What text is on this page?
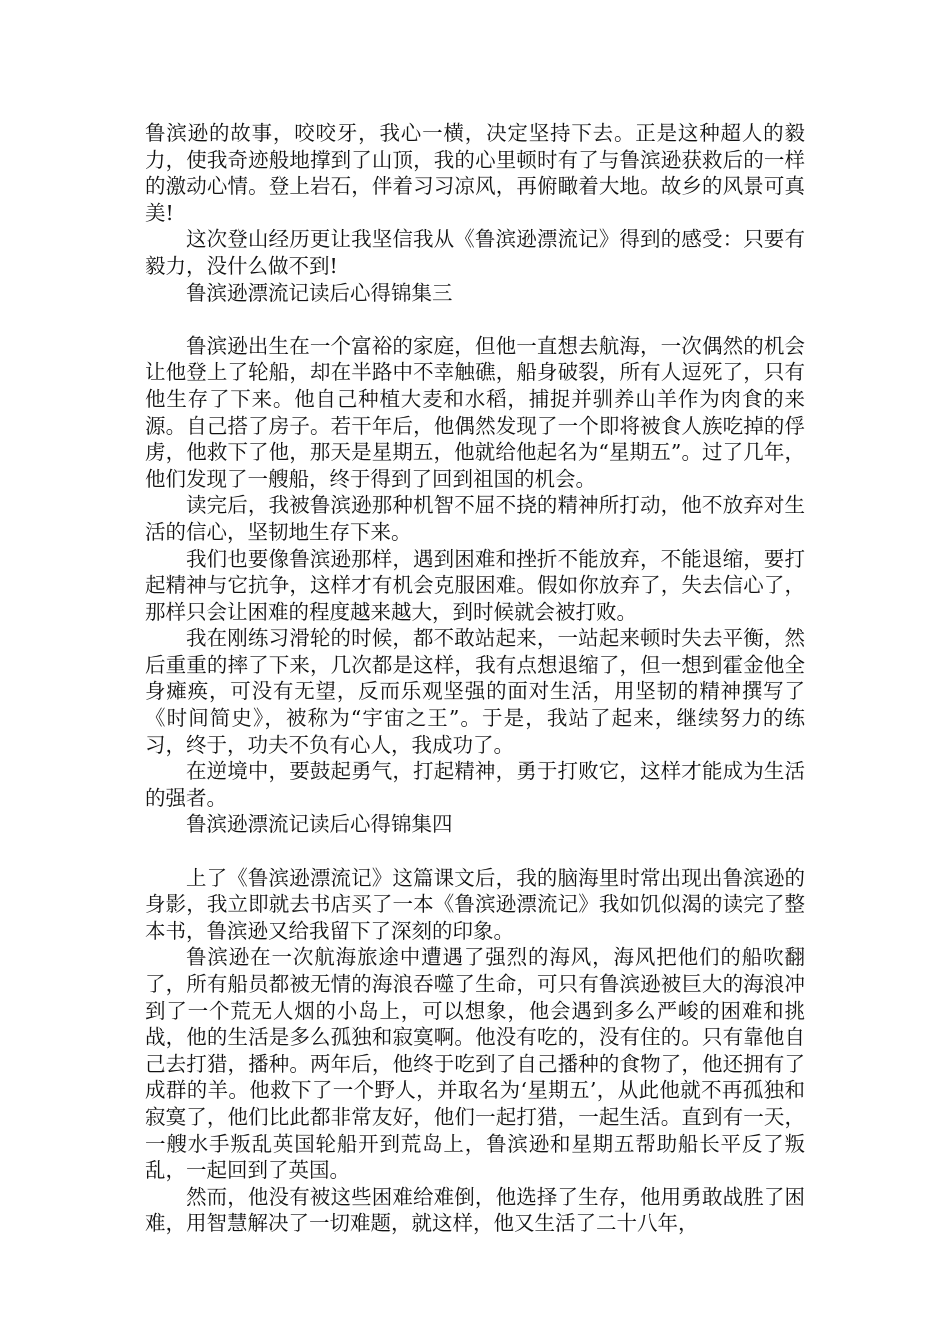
鲁滨逊的故事，咬咬牙，我心一横，决定坚持下去。正是这种超人的毅力，使我奇迹般地撑到了山顶，我的心里顿时有了与鲁滨逊获救后的一样的激动心情。登上岩石，伴着习习凉风，再俯瞰着大地。故乡的风景可真美!

这次登山经历更让我坚信我从《鲁滨逊漂流记》得到的感受：只要有毅力，没什么做不到!

鲁滨逊漂流记读后心得锦集三

鲁滨逊出生在一个富裕的家庭，但他一直想去航海，一次偶然的机会让他登上了轮船，却在半路中不幸触礁，船身破裂，所有人逗死了，只有他生存了下来。他自己种植大麦和水稻，捕捉并驯养山羊作为肉食的来源。自己搭了房子。若干年后，他偶然发现了一个即将被食人族吃掉的俘虏，他救下了他，那天是星期五，他就给他起名为“星期五”。过了几年，他们发现了一艘船，终于得到了回到祖国的机会。

读完后，我被鲁滨逊那种机智不屈不挠的精神所打动，他不放弃对生活的信心，坚韧地生存下来。

我们也要像鲁滨逊那样，遇到困难和挫折不能放弃，不能退缩，要打起精神与它抗争，这样才有机会克服困难。假如你放弃了，失去信心了，那样只会让困难的程度越来越大，到时候就会被打败。

我在刚练习滑轮的时候，都不敢站起来，一站起来顿时失去平衡，然后重重的摔了下来，几次都是这样，我有点想退缩了，但一想到霍金他全身瘫痪，可没有无望，反而乐观坚强的面对生活，用坚韧的精神撰写了《时间简史》，被称为“宇宙之王”。于是，我站了起来，继续努力的练习，终于，功夫不负有心人，我成功了。

在逆境中，要鼓起勇气，打起精神，勇于打败它，这样才能成为生活的强者。

鲁滨逊漂流记读后心得锦集四

上了《鲁滨逊漂流记》这篇课文后，我的脑海里时常出现出鲁滨逊的身影，我立即就去书店买了一本《鲁滨逊漂流记》我如饥似渴的读完了整本书，鲁滨逊又给我留下了深刻的印象。

鲁滨逊在一次航海旅途中遭遇了强烈的海风，海风把他们的船吹翻了，所有船员都被无情的海浪吞噬了生命，可只有鲁滨逊被巨大的海浪冲到了一个荒无人烟的小岛上，可以想象，他会遇到多么严峻的困难和挑战，他的生活是多么孤独和寂寞啊。他没有吃的，没有住的。只有靠他自己去打猎，播种。两年后，他终于吃到了自己播种的食物了，他还拥有了成群的羊。他救下了一个野人，并取名为‘星期五’，从此他就不再孤独和寂寞了，他们比此都非常友好，他们一起打猎，一起生活。直到有一天，一艘水手叛乱英国轮船开到荒岛上，鲁滨逊和星期五帮助船长平反了叛乱，一起回到了英国。

然而，他没有被这些困难给难倒，他选择了生存，他用勇敢战胜了困难，用智慧解决了一切难题，就这样，他又生活了二十八年，
